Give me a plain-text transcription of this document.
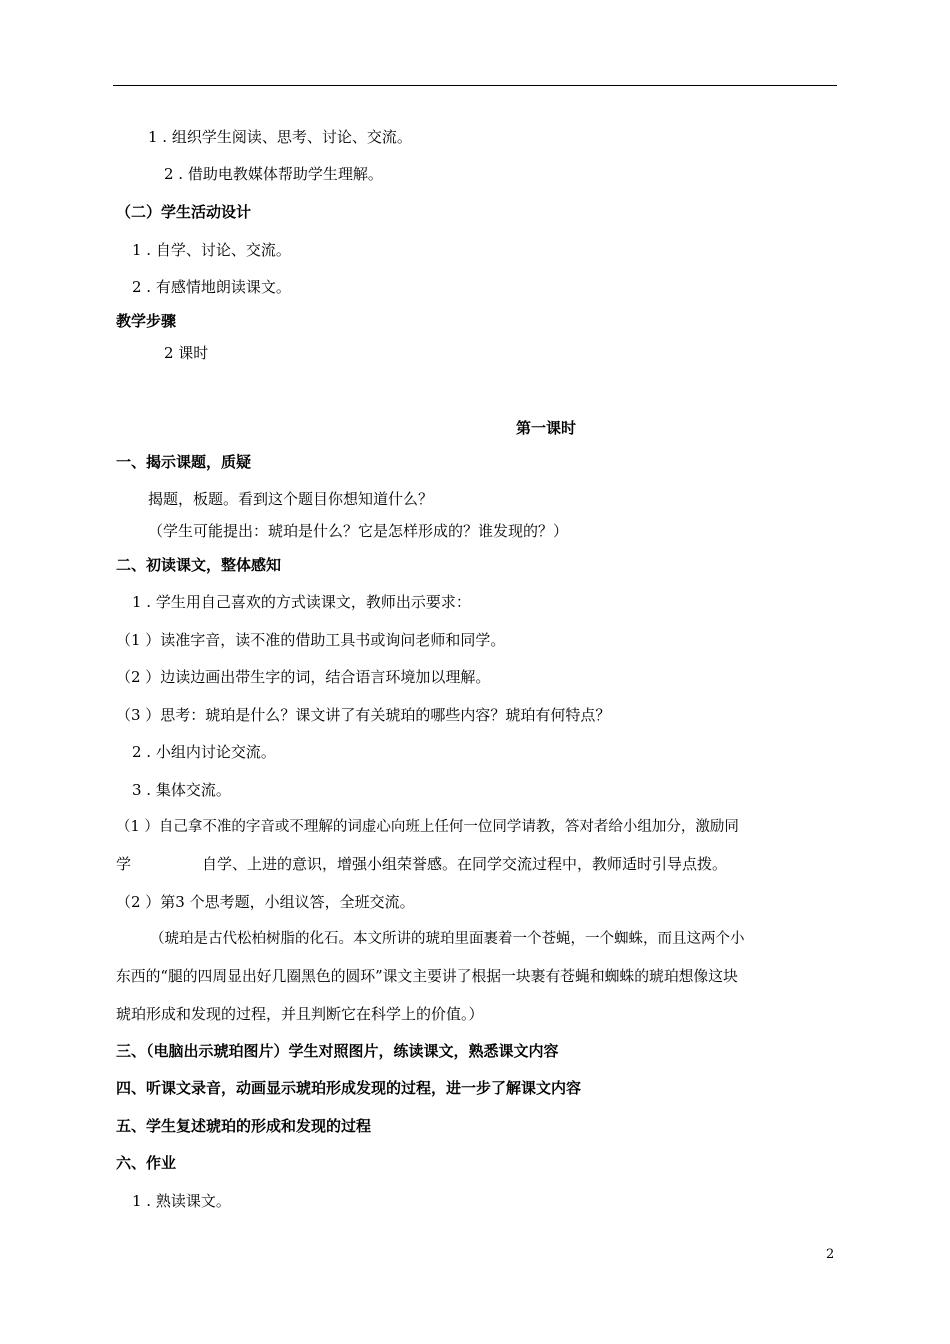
1 . 组织学生阅读、思考、讨论、交流。
2 . 借助电教媒体帮助学生理解。
（二）学生活动设计
1 . 自学、讨论、交流。
2 . 有感情地朗读课文。
教学步骤
2 课时
第一课时
一、揭示课题，质疑
揭题，板题。看到这个题目你想知道什么？
（学生可能提出：琥珀是什么？它是怎样形成的？谁发现的？）
二、初读课文，整体感知
1 . 学生用自己喜欢的方式读课文，教师出示要求：
（1 ）读准字音，读不准的借助工具书或询问老师和同学。
（2 ）边读边画出带生字的词，结合语言环境加以理解。
（3 ）思考：琥珀是什么？课文讲了有关琥珀的哪些内容？琥珀有何特点？
2 . 小组内讨论交流。
3 . 集体交流。
（1 ）自己拿不准的字音或不理解的词虚心向班上任何一位同学请教，答对者给小组加分，激励同
学	自学、上进的意识，增强小组荣誉感。在同学交流过程中，教师适时引导点拨。
（2 ）第3 个思考题，小组议答，全班交流。
（琥珀是古代松柏树脂的化石。本文所讲的琥珀里面裹着一个苍蝇，一个蜘蛛，而且这两个小
东西的“腿的四周显出好几圈黑色的圆环”课文主要讲了根据一块裹有苍蝇和蜘蛛的琥珀想像这块
琥珀形成和发现的过程，并且判断它在科学上的价值。）
三、（电脑出示琥珀图片）学生对照图片，练读课文，熟悉课文内容
四、听课文录音，动画显示琥珀形成发现的过程，进一步了解课文内容
五、学生复述琥珀的形成和发现的过程
六、作业
1 . 熟读课文。
2
